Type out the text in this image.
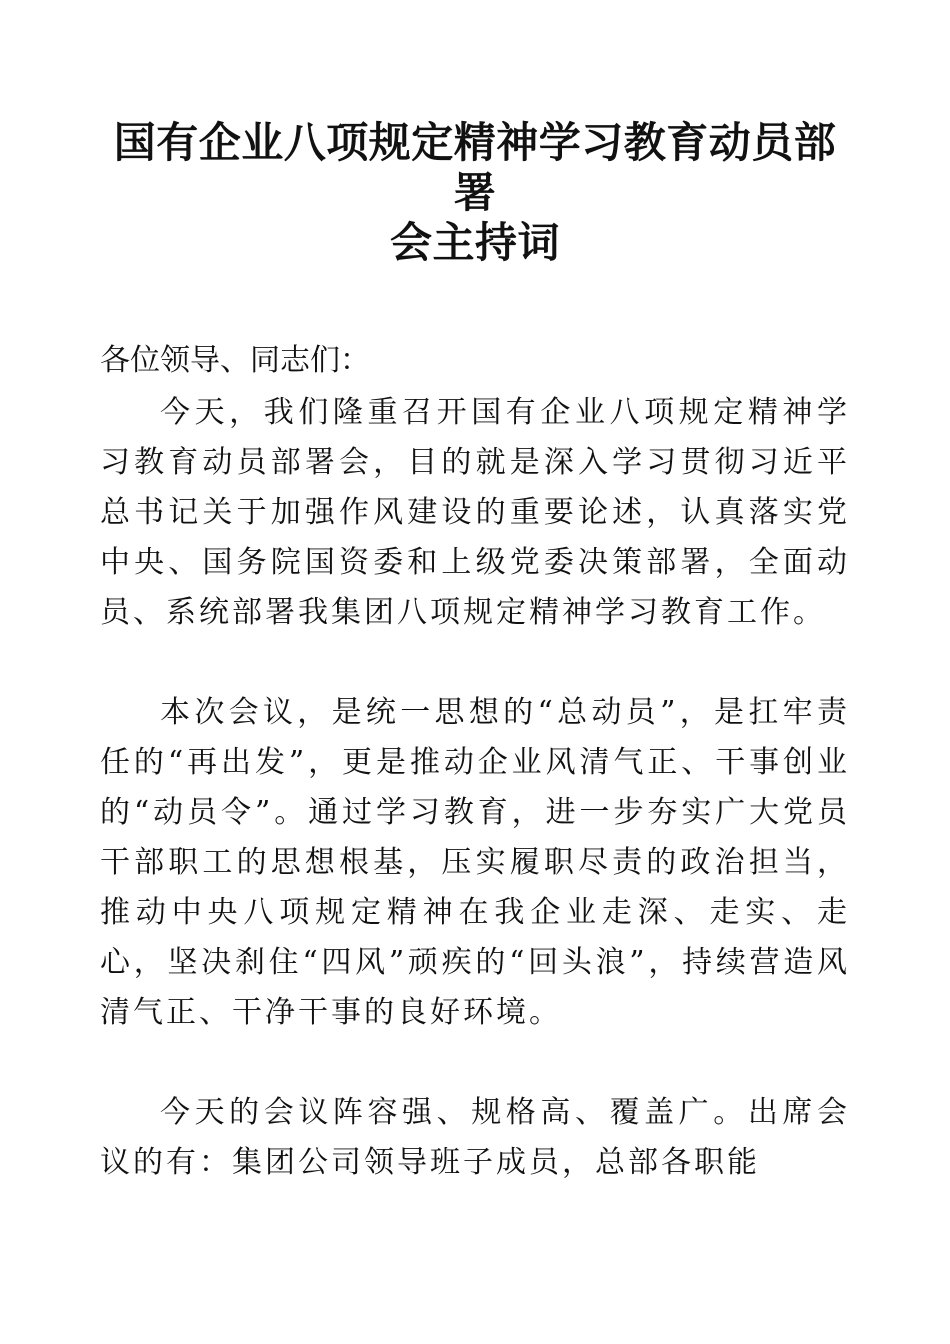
国有企业八项规定精神学习教育动员部署
会主持词

各位领导、同志们：

今天，我们隆重召开国有企业八项规定精神学习教育动员部署会，目的就是深入学习贯彻习近平总书记关于加强作风建设的重要论述，认真落实党中央、国务院国资委和上级党委决策部署，全面动员、系统部署我集团八项规定精神学习教育工作。

本次会议，是统一思想的“总动员”，是扛牢责任的“再出发”，更是推动企业风清气正、干事创业的“动员令”。通过学习教育，进一步夯实广大党员干部职工的思想根基，压实履职尽责的政治担当，推动中央八项规定精神在我企业走深、走实、走心，坚决刹住“四风”顽疾的“回头浪”，持续营造风清气正、干净干事的良好环境。

今天的会议阵容强、规格高、覆盖广。出席会议的有：集团公司领导班子成员，总部各职能
